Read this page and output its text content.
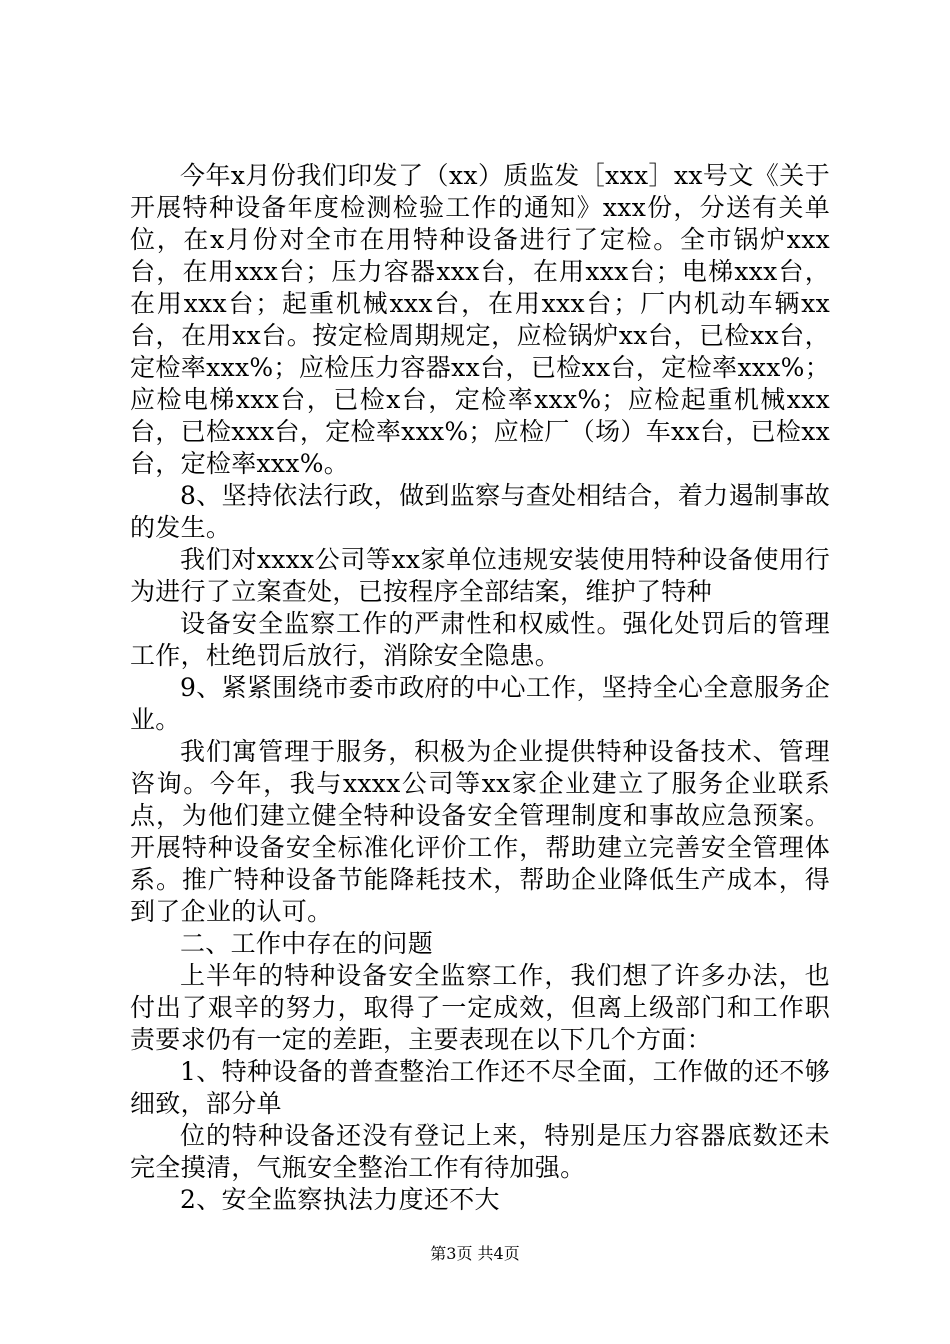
今年x月份我们印发了（xx）质监发［xxx］xx号文《关于开展特种设备年度检测检验工作的通知》xxx份，分送有关单位，在x月份对全市在用特种设备进行了定检。全市锅炉xxx台，在用xxx台；压力容器xxx台，在用xxx台；电梯xxx台，在用xxx台；起重机械xxx台，在用xxx台；厂内机动车辆xx台，在用xx台。按定检周期规定，应检锅炉xx台，已检xx台，定检率xxx%；应检压力容器xx台，已检xx台，定检率xxx%；应检电梯xxx台，已检x台，定检率xxx%；应检起重机械xxx台，已检xxx台，定检率xxx%；应检厂（场）车xx台，已检xx台，定检率xxx%。

8、坚持依法行政，做到监察与查处相结合，着力遏制事故的发生。

我们对xxxx公司等xx家单位违规安装使用特种设备使用行为进行了立案查处，已按程序全部结案，维护了特种

设备安全监察工作的严肃性和权威性。强化处罚后的管理工作，杜绝罚后放行，消除安全隐患。

9、紧紧围绕市委市政府的中心工作，坚持全心全意服务企业。

我们寓管理于服务，积极为企业提供特种设备技术、管理咨询。今年，我与xxxx公司等xx家企业建立了服务企业联系点，为他们建立健全特种设备安全管理制度和事故应急预案。开展特种设备安全标准化评价工作，帮助建立完善安全管理体系。推广特种设备节能降耗技术，帮助企业降低生产成本，得到了企业的认可。

二、工作中存在的问题

上半年的特种设备安全监察工作，我们想了许多办法，也付出了艰辛的努力，取得了一定成效，但离上级部门和工作职责要求仍有一定的差距，主要表现在以下几个方面：

1、特种设备的普查整治工作还不尽全面，工作做的还不够细致，部分单

位的特种设备还没有登记上来，特别是压力容器底数还未完全摸清，气瓶安全整治工作有待加强。

2、安全监察执法力度还不大

第3页 共4页
